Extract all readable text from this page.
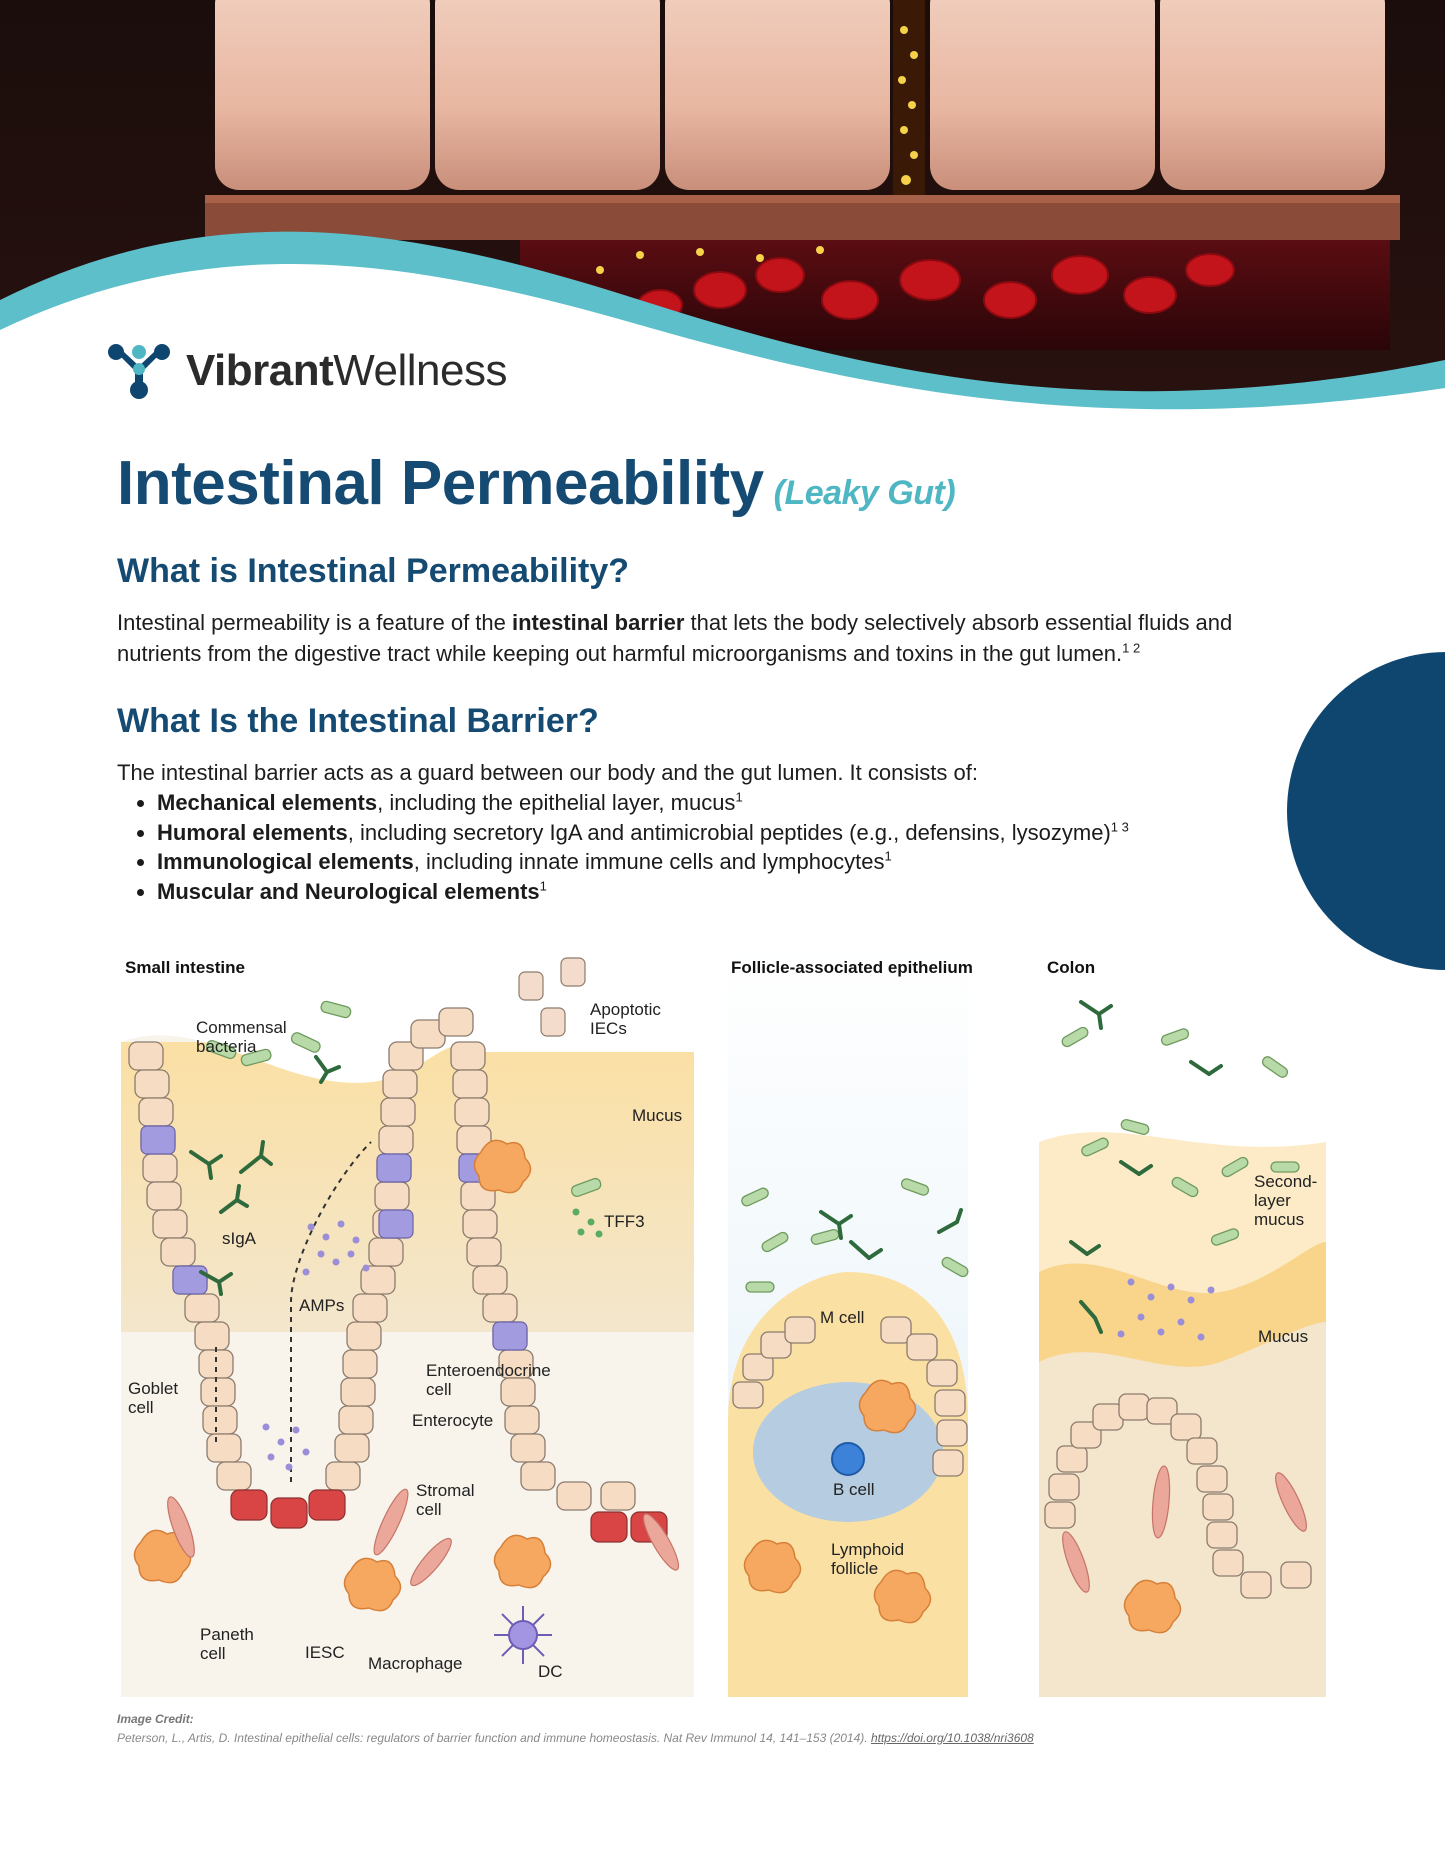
VibrantWellness
Intestinal Permeability (Leaky Gut)
What is Intestinal Permeability?
Intestinal permeability is a feature of the intestinal barrier that lets the body selectively absorb essential fluids and nutrients from the digestive tract while keeping out harmful microorganisms and toxins in the gut lumen.$^{1 2}$
What Is the Intestinal Barrier?
The intestinal barrier acts as a guard between our body and the gut lumen. It consists of:
• Mechanical elements, including the epithelial layer, mucus$^1$
• Humoral elements, including secretory IgA and antimicrobial peptides (e.g., defensins, lysozyme)$^{1 3}$
• Immunological elements, including innate immune cells and lymphocytes$^1$
• Muscular and Neurological elements$^1$
Small intestine	Follicle-associated epithelium	Colon
Commensal
bacteria
Apoptotic
IECs
Mucus
TFF3
sIgA
AMPs
Enteroendocrine
cell
Enterocyte
Goblet
cell
Stromal
cell
Paneth
cell	IESC
Macrophage	DC
M cell
B cell
Lymphoid
follicle
Second-
layer
mucus
Mucus
Image Credit:
Peterson, L., Artis, D. Intestinal epithelial cells: regulators of barrier function and immune homeostasis. Nat Rev Immunol 14, 141–153 (2014). https://doi.org/10.1038/nri3608
